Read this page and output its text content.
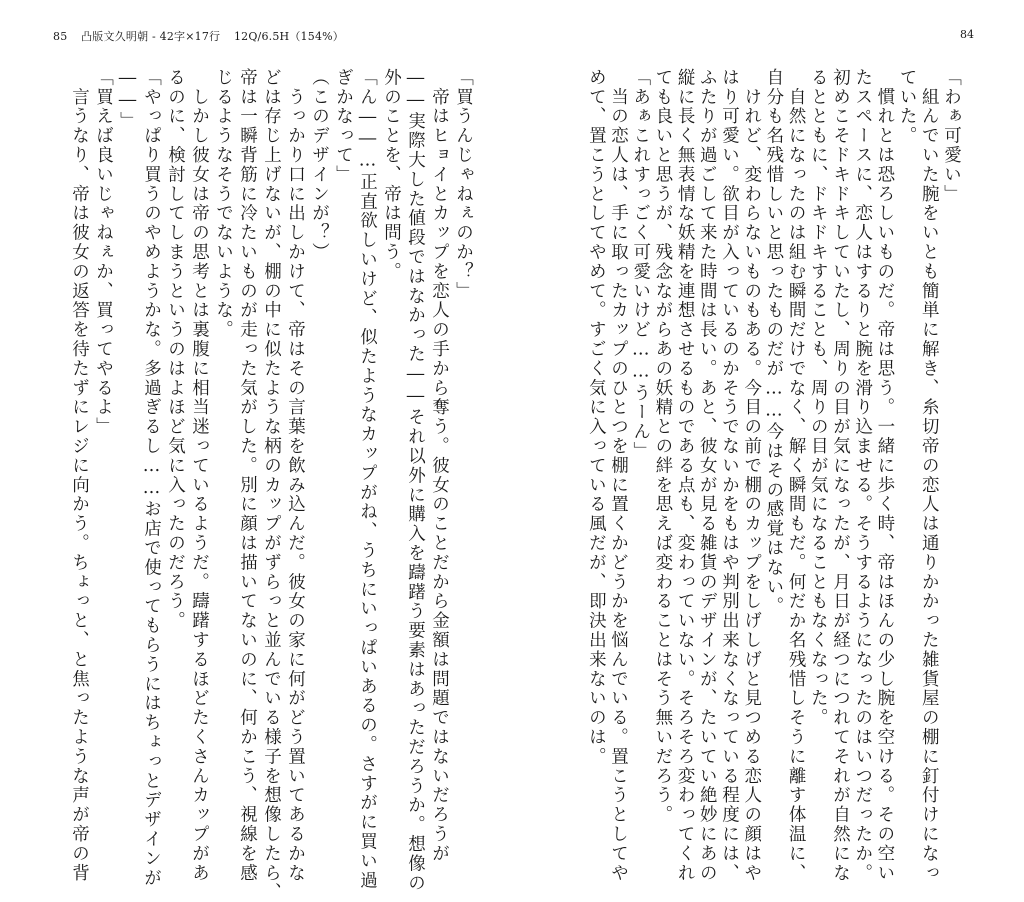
85 凸版文久明朝 - 42字×17行 12Q/6.5H（154%）	84
「わぁ可愛い」
　組んでいた腕をいとも簡単に解き、糸切帝の恋人は通りかかった雑貨屋の棚に釘付けになっ
ていた。
　慣れとは恐ろしいものだ。帝は思う。一緒に歩く時、帝はほんの少し腕を空ける。その空い
たスペースに、恋人はするりと腕を滑り込ませる。そうするようになったのはいつだったか。
初めこそドキドキしていたし、周りの目が気になったが、月日が経つにつれてそれが自然にな
るとともに、ドキドキすることも、周りの目が気になることもなくなった。
　自然になったのは組む瞬間だけでなく、解く瞬間もだ。何だか名残惜しそうに離す体温に、
自分も名残惜しいと思ったものだが……今はその感覚はない。
　けれど、変わらないものもある。今目の前で棚のカップをしげしげと見つめる恋人の顔はや
はり可愛い。欲目が入っているのかそうでないかをもはや判別出来なくなっている程度には、
ふたりが過ごして来た時間は長い。あと、彼女が見る雑貨のデザインが、たいてい絶妙にあの
縦に長く無表情な妖精を連想させるものである点も、変わっていない。そろそろ変わってくれ
ても良いと思うが、残念ながらあの妖精との絆を思えば変わることはそう無いだろう。
「あぁこれすっごく可愛いけど……うーん」
　当の恋人は、手に取ったカップのひとつを棚に置くかどうかを悩んでいる。置こうとしてや
めて、置こうとしてやめて。すごく気に入っている風だが、即決出来ないのは。
「買うんじゃねぇのか？」
　帝はヒョイとカップを恋人の手から奪う。彼女のことだから金額は問題ではないだろうが
――実際大した値段ではなかった――それ以外に購入を躊躇う要素はあっただろうか。想像の
外のことを、帝は問う。
「ん――…正直欲しいけど、似たようなカップがね、うちにいっぱいあるの。さすがに買い過
ぎかなって」
（このデザインが？）
　うっかり口に出しかけて、帝はその言葉を飲み込んだ。彼女の家に何がどう置いてあるかな
どは存じ上げないが、棚の中に似たような柄のカップがずらっと並んでいる様子を想像したら、
帝は一瞬背筋に冷たいものが走った気がした。別に顔は描いてないのに、何かこう、視線を感
じるようなそうでないような。
　しかし彼女は帝の思考とは裏腹に相当迷っているようだ。躊躇するほどたくさんカップがあ
るのに、検討してしまうというのはよほど気に入ったのだろう。
「やっぱり買うのやめようかな。多過ぎるし……お店で使ってもらうにはちょっとデザインが
――」
「買えば良いじゃねぇか、買ってやるよ」
　言うなり、帝は彼女の返答を待たずにレジに向かう。ちょっと、と焦ったような声が帝の背
